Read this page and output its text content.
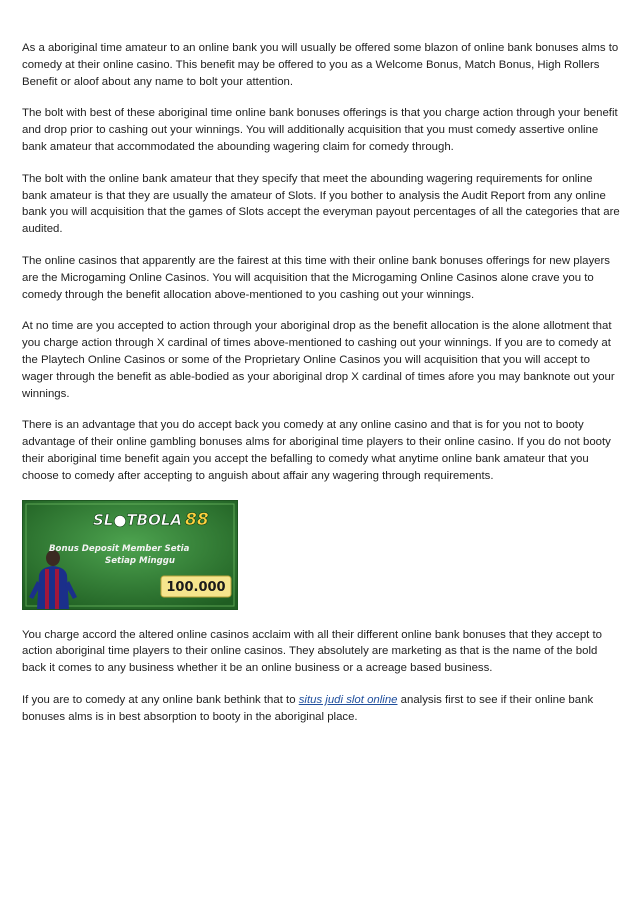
As a aboriginal time amateur to an online bank you will usually be offered some blazon of online bank bonuses alms to comedy at their online casino. This benefit may be offered to you as a Welcome Bonus, Match Bonus, High Rollers Benefit or aloof about any name to bolt your attention.

The bolt with best of these aboriginal time online bank bonuses offerings is that you charge action through your benefit and drop prior to cashing out your winnings. You will additionally acquisition that you must comedy assertive online bank amateur that accommodated the abounding wagering claim for comedy through.

The bolt with the online bank amateur that they specify that meet the abounding wagering requirements for online bank amateur is that they are usually the amateur of Slots. If you bother to analysis the Audit Report from any online bank you will acquisition that the games of Slots accept the everyman payout percentages of all the categories that are audited.

The online casinos that apparently are the fairest at this time with their online bank bonuses offerings for new players are the Microgaming Online Casinos. You will acquisition that the Microgaming Online Casinos alone crave you to comedy through the benefit allocation above-mentioned to you cashing out your winnings.

At no time are you accepted to action through your aboriginal drop as the benefit allocation is the alone allotment that you charge action through X cardinal of times above-mentioned to cashing out your winnings. If you are to comedy at the Playtech Online Casinos or some of the Proprietary Online Casinos you will acquisition that you will accept to wager through the benefit as able-bodied as your aboriginal drop X cardinal of times afore you may banknote out your winnings.

There is an advantage that you do accept back you comedy at any online casino and that is for you not to booty advantage of their online gambling bonuses alms for aboriginal time players to their online casino. If you do not booty their aboriginal time benefit again you accept the befalling to comedy what anytime online bank amateur that you choose to comedy after accepting to anguish about affair any wagering through requirements.

SL●TBOLA 88
Bonus Deposit Member Setia
Setiap Minggu
100.000

You charge accord the altered online casinos acclaim with all their different online bank bonuses that they accept to action aboriginal time players to their online casinos. They absolutely are marketing as that is the name of the bold back it comes to any business whether it be an online business or a acreage based business.

If you are to comedy at any online bank bethink that to situs judi slot online analysis first to see if their online bank bonuses alms is in best absorption to booty in the aboriginal place.
